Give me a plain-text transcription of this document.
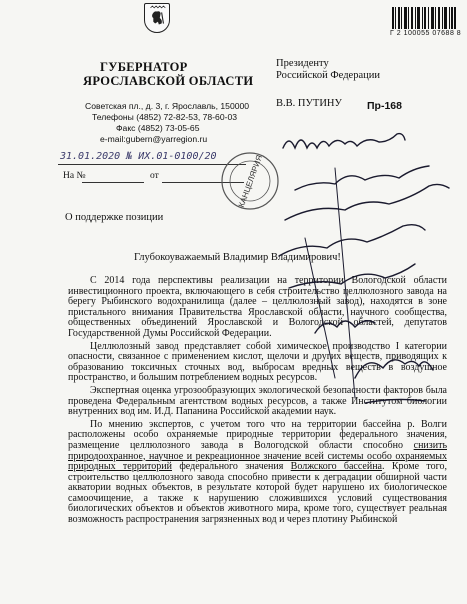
Г 2 100055 07688 8
ГУБЕРНАТОР
ЯРОСЛАВСКОЙ ОБЛАСТИ
Советская пл., д. 3, г. Ярославль, 150000
Телефоны (4852) 72-82-53, 78-60-03
Факс (4852) 73-05-65
e-mail:gubern@yarregion.ru
Президенту
Российской Федерации
В.В. ПУТИНУ Пр-168
31.01.2020 № ИХ.01-0100/20
На №	от	КАНЦЕЛЯРИЯ
О поддержке позиции
Глубокоуважаемый Владимир Владимирович!

С 2014 года перспективы реализации на территории Вологодской области инвестиционного проекта, включающего в себя строительство целлюлозного завода на берегу Рыбинского водохранилища (далее – целлюлозный завод), находятся в зоне пристального внимания Правительства Ярославской области, научного сообщества, общественных объединений Ярославской и Вологодской областей, депутатов Государственной Думы Российской Федерации.

Целлюлозный завод представляет собой химическое производство I категории опасности, связанное с применением кислот, щелочи и других веществ, приводящих к образованию токсичных сточных вод, выбросам вредных веществ в воздушное пространство, и большим потреблением водных ресурсов.

Экспертная оценка угрозообразующих экологической безопасности факторов была проведена Федеральным агентством водных ресурсов, а также Институтом биологии внутренних вод им. И.Д. Папанина Российской академии наук.

По мнению экспертов, с учетом того что на территории бассейна р. Волги расположены особо охраняемые природные территории федерального значения, размещение целлюлозного завода в Вологодской области способно снизить природоохранное, научное и рекреационное значение всей системы особо охраняемых природных территорий федерального значения Волжского бассейна. Кроме того, строительство целлюлозного завода способно привести к деградации обширной части акватории водных объектов, в результате которой будет нарушено их биологическое самоочищение, а также к нарушению сложившихся условий существования биологических объектов и объектов животного мира, кроме того, существует реальная возможность распространения загрязненных вод и через плотину Рыбинской
